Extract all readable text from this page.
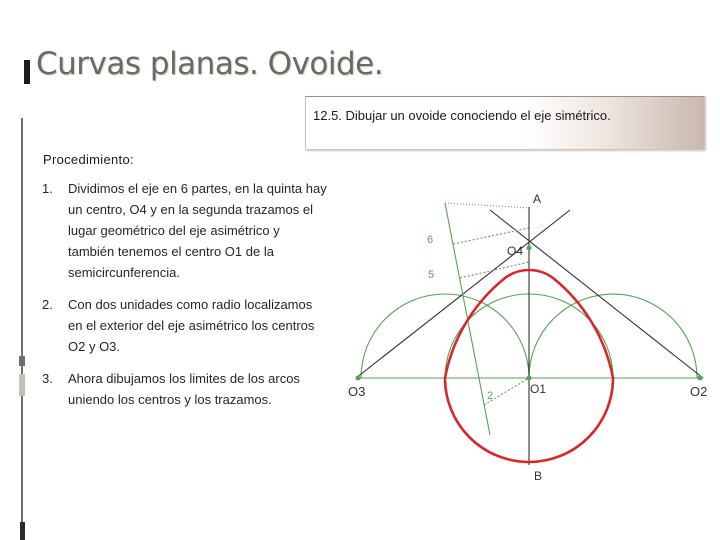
Curvas planas. Ovoide.

12.5. Dibujar un ovoide conociendo el eje simétrico.

Procedimiento:

1. Dividimos el eje en 6 partes, en la quinta hay un centro, O4 y en la segunda trazamos el lugar geométrico del eje asimétrico y también tenemos el centro O1 de la semicircunferencia.
2. Con dos unidades como radio localizamos en el exterior del eje asimétrico los centros O2 y O3.
3. Ahora dibujamos los limites de los arcos uniendo los centros y los trazamos.
A
B
O4
O1	O2
O3
6
5
2
